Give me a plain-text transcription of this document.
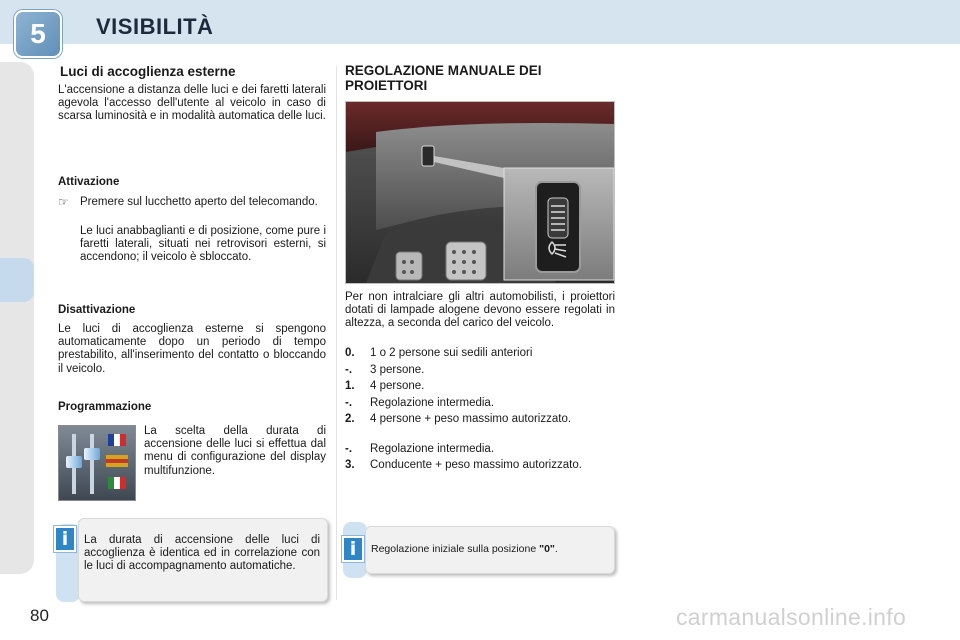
5	VISIBILITÀ
Luci di accoglienza esterne

L'accensione a distanza delle luci e dei faretti laterali agevola l'accesso dell'utente al veicolo in caso di scarsa luminosità e in modalità automatica delle luci.

Attivazione
☞ Premere sul lucchetto aperto del telecomando.

Le luci anabbaglianti e di posizione, come pure i faretti laterali, situati nei retrovisori esterni, si accendono; il veicolo è sbloccato.

Disattivazione

Le luci di accoglienza esterne si spengono automaticamente dopo un periodo di tempo prestabilito, all'inserimento del contatto o bloccando il veicolo.

Programmazione

La scelta della durata di accensione delle luci si effettua dal menu di configurazione del display multifunzione.

i	La durata di accensione delle luci di accoglienza è identica ed in correlazione con le luci di accompagnamento automatiche.

REGOLAZIONE MANUALE DEI PROIETTORI

Per non intralciare gli altri automobilisti, i proiettori dotati di lampade alogene devono essere regolati in altezza, a seconda del carico del veicolo.

0.	1 o 2 persone sui sedili anteriori
-.	3 persone.
1.	4 persone.
-.	Regolazione intermedia.
2.	4 persone + peso massimo autorizzato.
-.	Regolazione intermedia.
3.	Conducente + peso massimo autorizzato.
i	Regolazione iniziale sulla posizione "0".

80	carmanualsonline.info
